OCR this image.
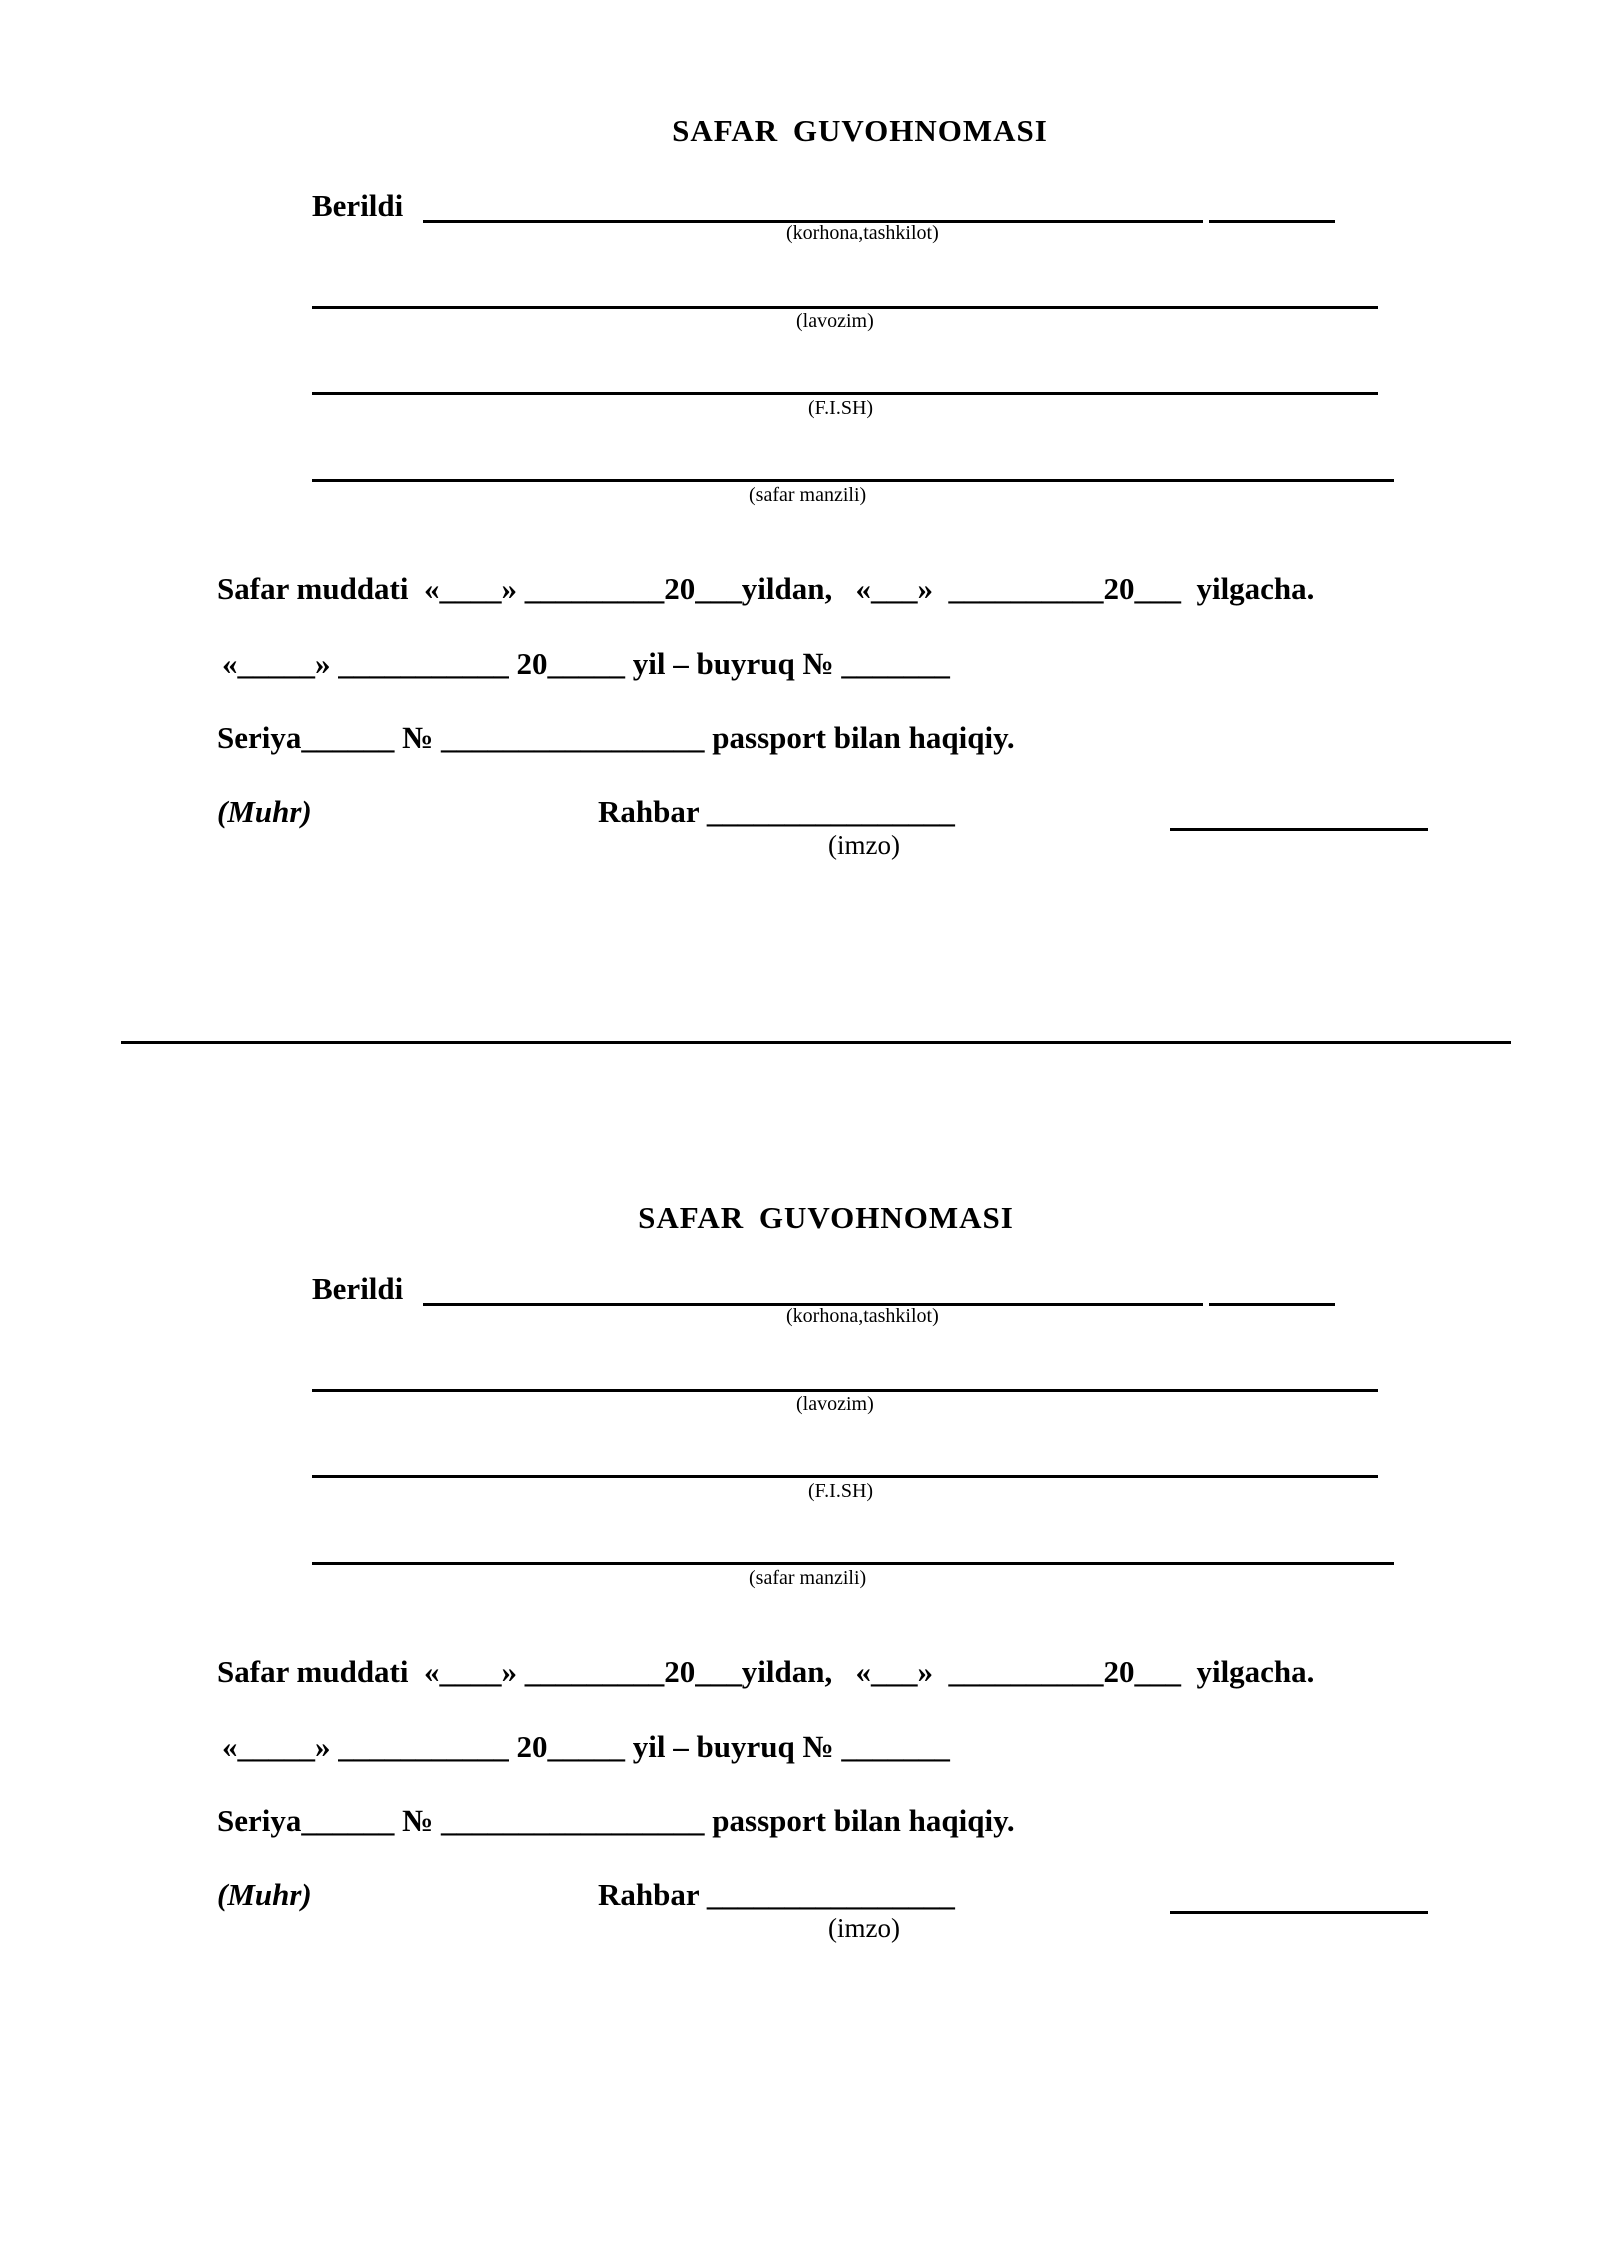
SAFAR GUVOHNOMASI
Berildi
(korhona,tashkilot)
(lavozim)
(F.I.SH)
(safar manzili)
Safar muddati  «____» _________20___yildan,   «___»  __________20___  yilgacha.
«_____» ___________ 20_____ yil – buyruq № _______
Seriya______ № _________________ passport bilan haqiqiy.
(Muhr)	Rahbar ________________
(imzo)
SAFAR GUVOHNOMASI
Berildi
(korhona,tashkilot)
(lavozim)
(F.I.SH)
(safar manzili)
Safar muddati  «____» _________20___yildan,   «___»  __________20___  yilgacha.
«_____» ___________ 20_____ yil – buyruq № _______
Seriya______ № _________________ passport bilan haqiqiy.
(Muhr)	Rahbar ________________
(imzo)
